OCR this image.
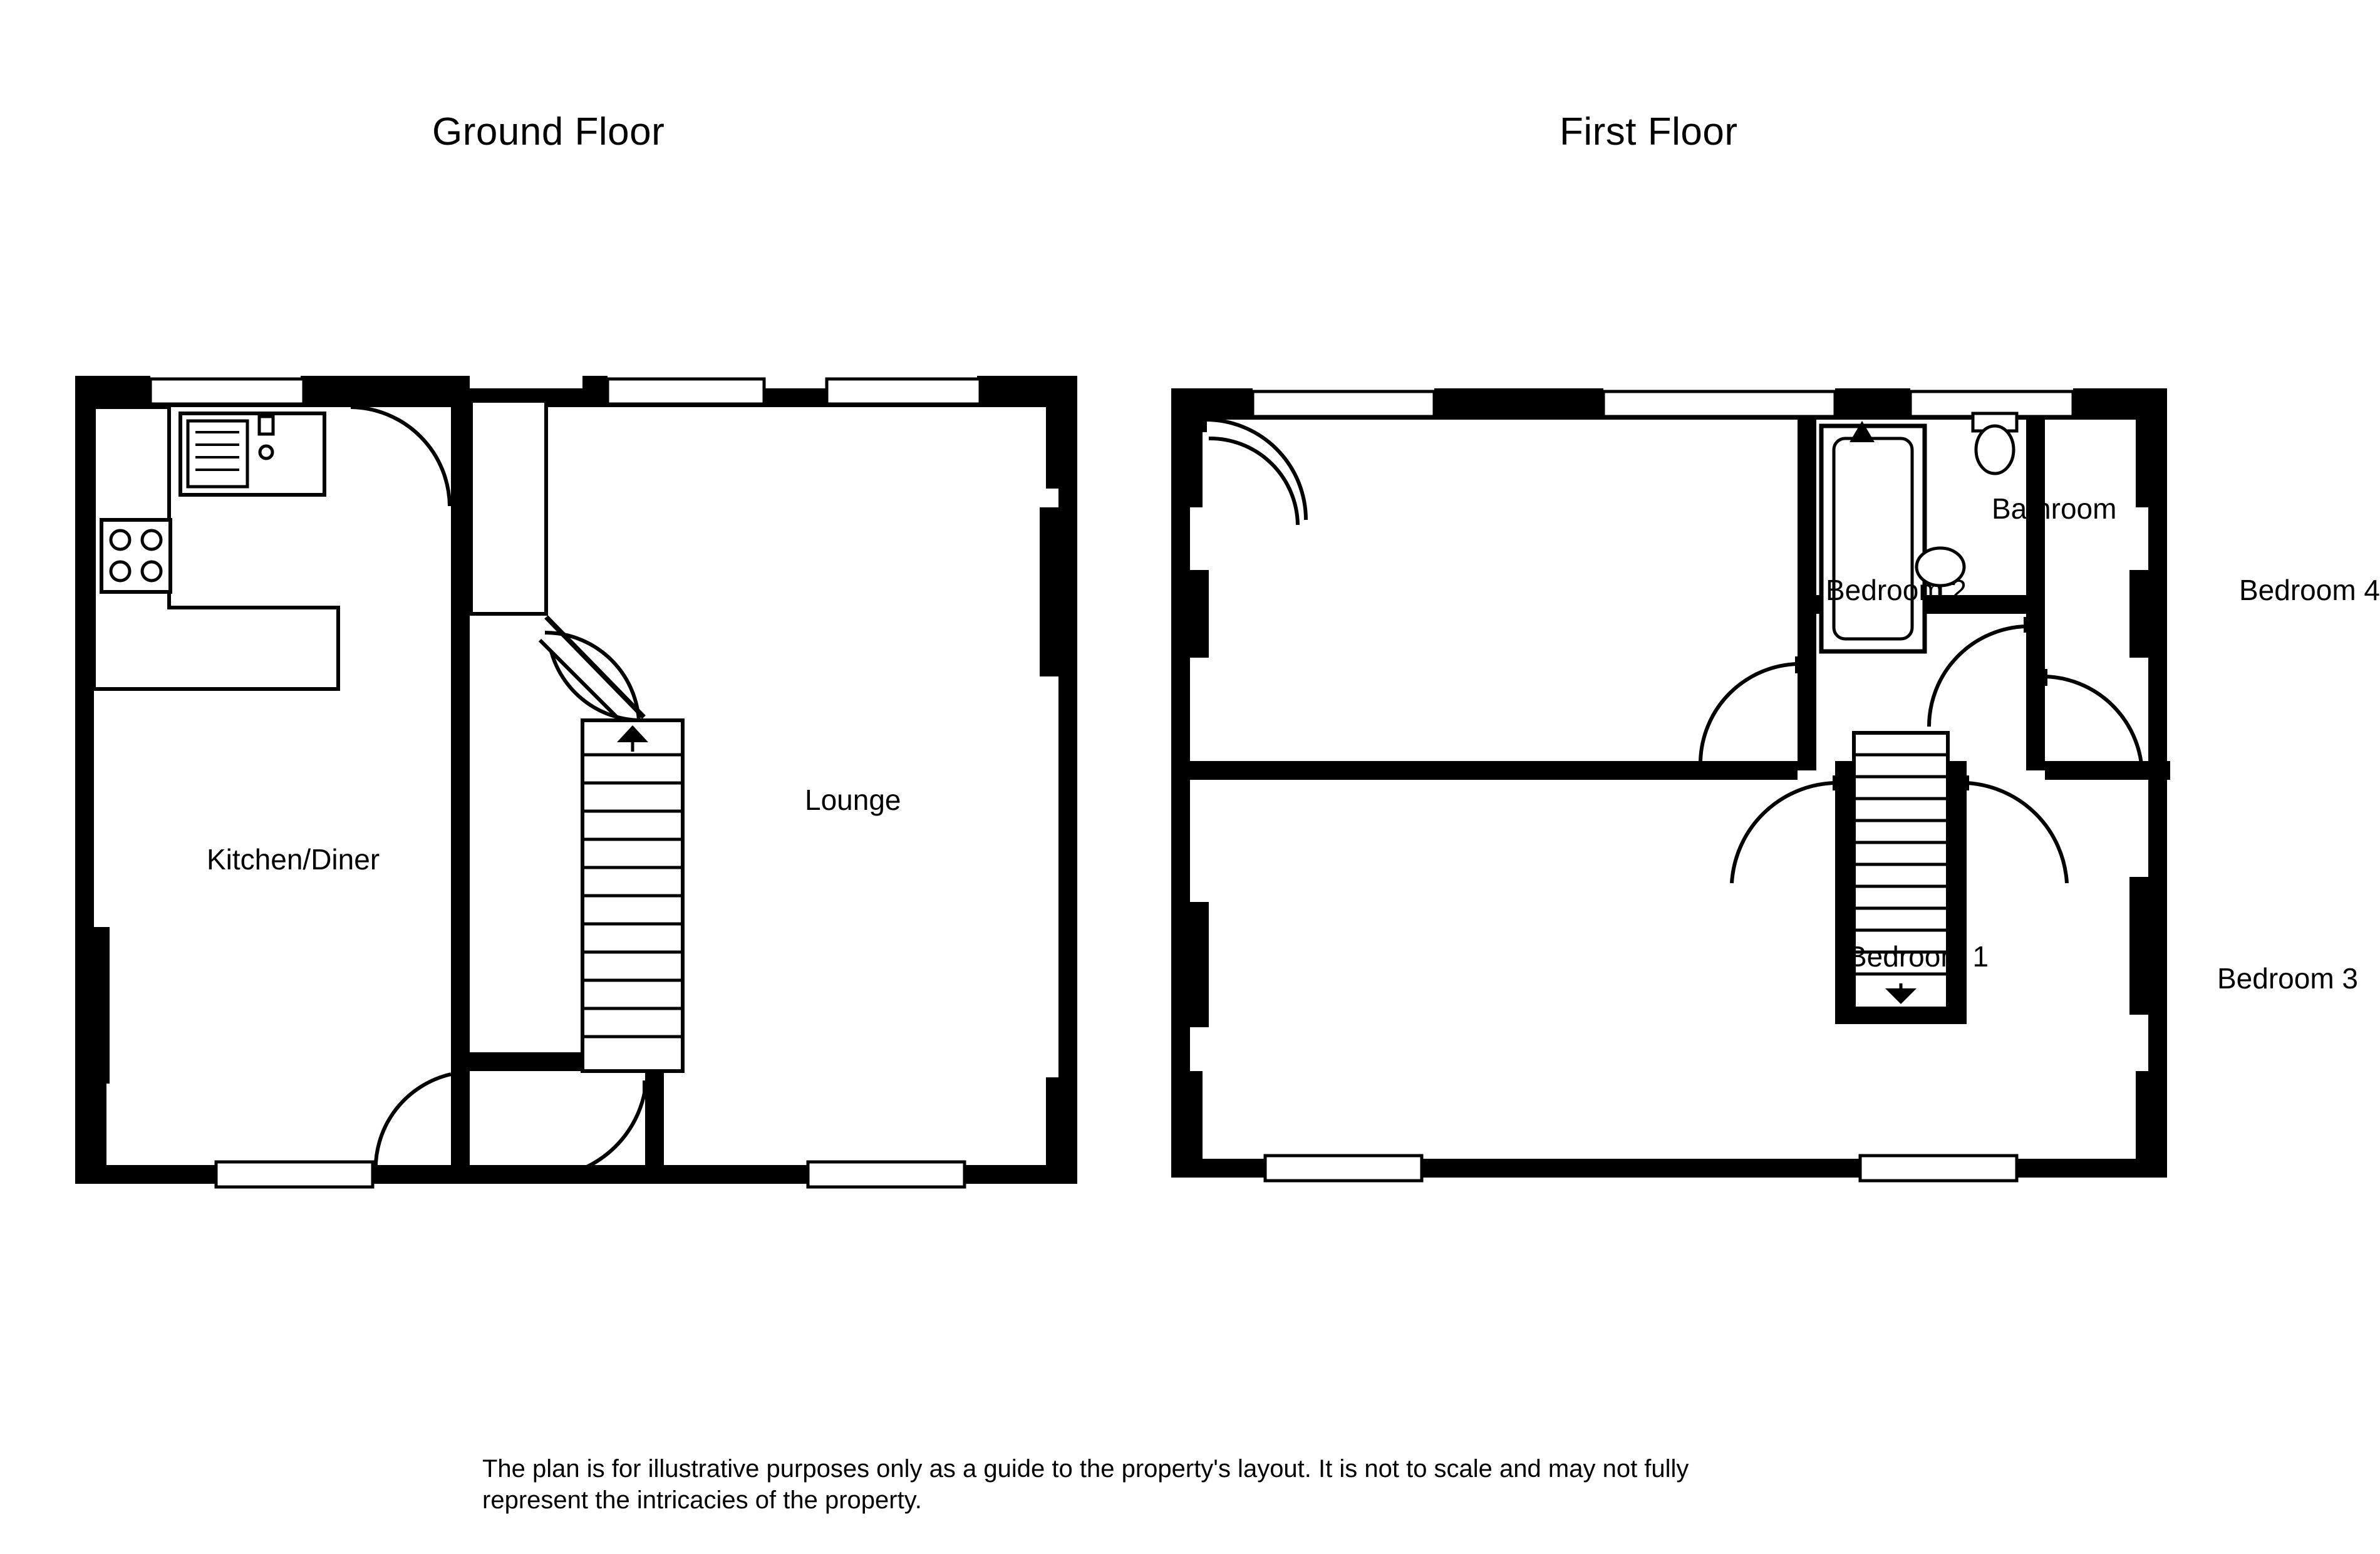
Ground Floor	First Floor
Kitchen/Diner
Lounge
Bedroom 2
Bathroom
Bedroom 4
Bedroom 1
Bedroom 3
The plan is for illustrative purposes only as a guide to the property's layout. It is not to scale and may not fully represent the intricacies of the property.
